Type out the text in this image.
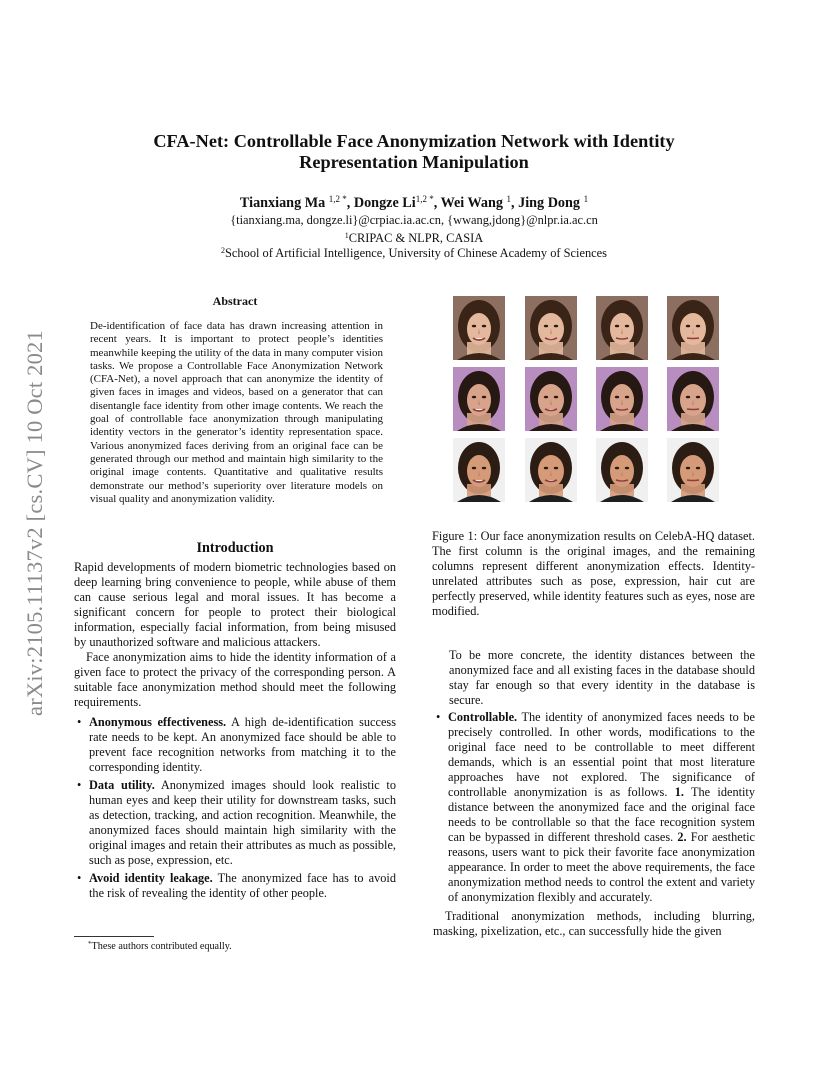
arXiv:2105.11137v2 [cs.CV] 10 Oct 2021
CFA-Net: Controllable Face Anonymization Network with Identity Representation Manipulation
Tianxiang Ma $^{1,2 *}$, Dongze $Li^{1,2 *}$, Wei Wang $^1$, Jing Dong $^1$
{tianxiang.ma, dongze.li}@crpiac.ia.ac.cn, {wwang,jdong}@nlpr.ia.ac.cn
$^1$CRIPAC & NLPR, CASIA
$^2$School of Artificial Intelligence, University of Chinese Academy of Sciences
Abstract
De-identification of face data has drawn increasing attention in recent years. It is important to protect people’s identities meanwhile keeping the utility of the data in many computer vision tasks. We propose a Controllable Face Anonymization Network (CFA-Net), a novel approach that can anonymize the identity of given faces in images and videos, based on a generator that can disentangle face identity from other image contents. We reach the goal of controllable face anonymization through manipulating identity vectors in the generator’s identity representation space. Various anonymized faces deriving from an original face can be generated through our method and maintain high similarity to the original image contents. Quantitative and qualitative results demonstrate our method’s superiority over literature models on visual quality and anonymization validity.
Introduction

Rapid developments of modern biometric technologies based on deep learning bring convenience to people, while abuse of them can cause serious legal and moral issues. It has become a significant concern for people to protect their biological information, especially facial information, from being misused by unauthorized software and malicious attackers.

Face anonymization aims to hide the identity information of a given face to protect the privacy of the corresponding person. A suitable face anonymization method should meet the following requirements.

• Anonymous effectiveness. A high de-identification success rate needs to be kept. An anonymized face should be able to prevent face recognition networks from matching it to the corresponding identity.
• Data utility. Anonymized images should look realistic to human eyes and keep their utility for downstream tasks, such as detection, tracking, and action recognition. Meanwhile, the anonymized faces should maintain high similarity with the original images and retain their attributes as much as possible, such as pose, expression, etc.
• Avoid identity leakage. The anonymized face has to avoid the risk of revealing the identity of other people.
*These authors contributed equally.
Figure 1: Our face anonymization results on CelebA-HQ dataset. The first column is the original images, and the remaining columns represent different anonymization effects. Identity-unrelated attributes such as pose, expression, hair cut are perfectly preserved, while identity features such as eyes, nose are modified.
To be more concrete, the identity distances between the anonymized face and all existing faces in the database should stay far enough so that every identity in the database is secure.
• Controllable. The identity of anonymized faces needs to be precisely controlled. In other words, modifications to the original face need to be controllable to meet different demands, which is an essential point that most literature approaches have not explored. The significance of controllable anonymization is as follows. 1. The identity distance between the anonymized face and the original face needs to be controllable so that the face recognition system can be bypassed in different threshold cases. 2. For aesthetic reasons, users want to pick their favorite face anonymization appearance. In order to meet the above requirements, the face anonymization method needs to control the extent and variety of anonymization flexibly and accurately.

Traditional anonymization methods, including blurring, masking, pixelization, etc., can successfully hide the given
